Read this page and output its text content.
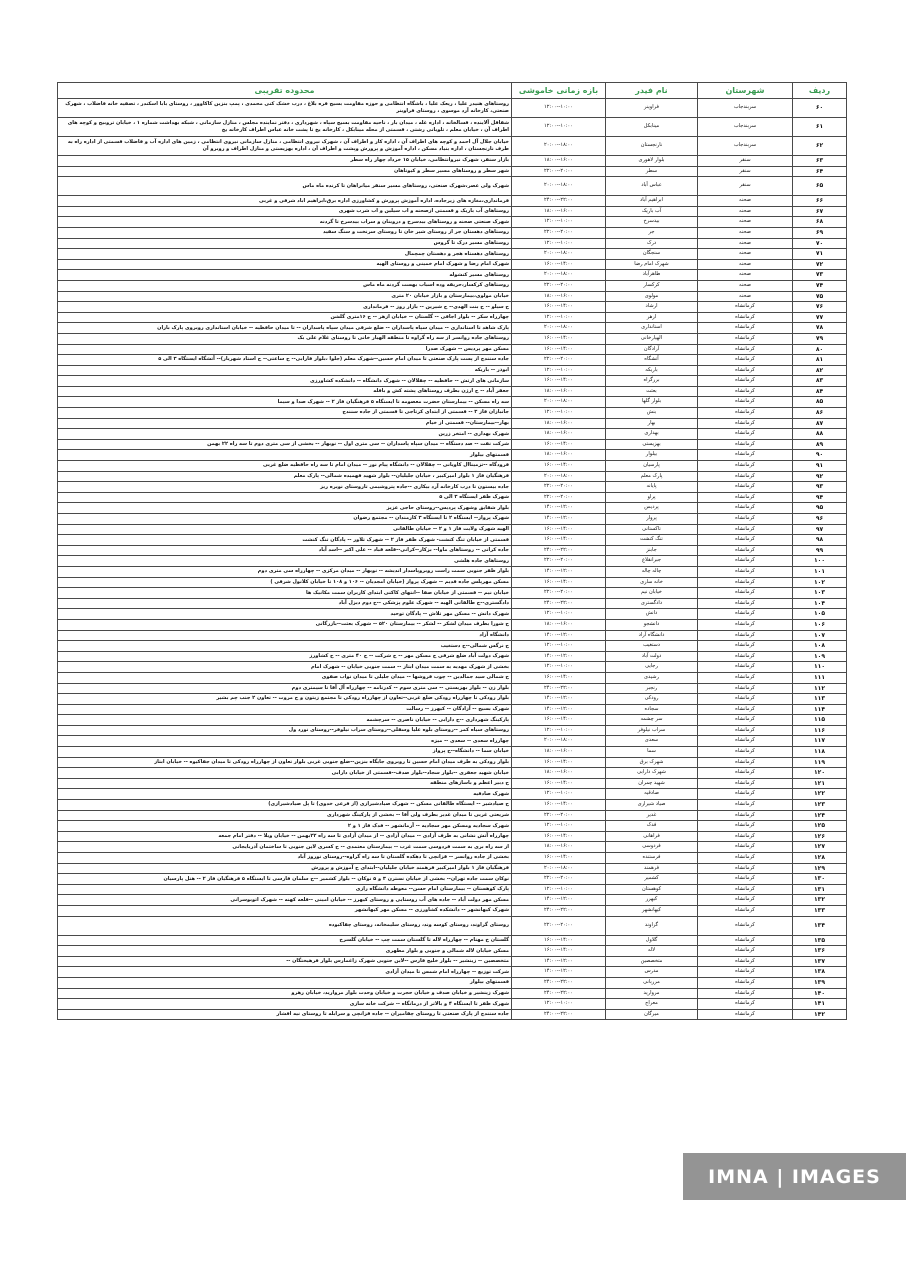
ردیف	شهرستان	نام فیدر	بازه زمانی خاموشی	محدوده تقریبی
۶۰	سربندجاب	فراوینر	۱۰:۰۰--۱۲:۰۰	روستاهای هنیدر علیا ، ریعک علیا ، باشگاه انتظامی و حوزه مقاومت بسیج فره بلاغ ، درب خشک کنی محمدی ، پمپ بنزین کاکاوور ، روستای بابا اسکندر ، تصفیه خانه فاضلاب ، شهرک صنعتی، کارخانه آرد موسوی ، روستای فراوینر
۶۱	سربندجاب	مینابکل	۱۰:۰۰--۱۲:۰۰	شقاقل آلاینده ، قسالخانه ، اداره غله ، میدان بار ، ناحیه مقاومت بسیج سپاه ، شهرداری ، دفتر نماینده مجلس ، منازل سازمانی ، شبکه بهداشت شماره ۱ ، خیابان تروبیح و کوچه های اطراف آن ، خیابان معلم ، تلویانی رشتی ، قسمتی از محله مینابکل ، کارخانه یخ تا پشت خانه عباس اطراف کارخانه یخ
۶۲	سربندجاب	نارنجستان	۱۸:۰۰--۲۰:۰۰	خیابان جلال آل احمد و کوچه های اطراف آن ، اداره کار و اطراف آن ، شهرک نیروی انتظامی ، منازل سازمانی نیروی انتظامی ، زمین های اداره آب و فاضلاب قسمتی از اداره راه به طرف نارنجستان ، اداره بنیاد مسکن ، اداره آموزش و پرورش وپشت و اطراف آن ، اداره بهزیستی و منازل اطراف و روبرو آن
۶۳	سنقر	بلوار لاهوری	۱۶:۰۰--۱۸:۰۰	بازار سنقر، شهرک نیروانتظامی، خیابان ۱۵ خرداد چهار راه سطر
۶۴	سنقر	سطر	۲۰:۰۰--۲۲:۰۰	شهر سطر و روستاهای مسیر سطر و کیوتاهان
۶۵	سنقر	عباس آباد	۱۸:۰۰--۲۰:۰۰	شهرک ولی عصر،شهرک صنعتی، روستاهای مسیر سنقر میانراهان تا کرنده ماه ماس
۶۶	صحنه	ابراهیم آباد	۲۲:۰۰--۲۴:۰۰	فرمانداری،مغازه های زیرجاده، اداره آموزش پرورش و کشاورزی اداره برق،ابراهیم اباد شرقی و غربی
۶۷	صحنه	آب باریک	۱۶:۰۰--۱۸:۰۰	روستاهای آب باریک و قسمتی ازصحنه و اب سیلین و اب شرب شهری
۶۸	صحنه	بیدسرخ	۱۰:۰۰--۱۲:۰۰	شهرک صنعتی صحنه و روستاهای بیدسرخ و دروینان و سراب بیدسرخ تا گردنه
۶۹	صحنه	جر	۲۰:۰۰--۲۲:۰۰	روستاهای دهستان جر از روستای شیر خان تا روستای سرنخت و سنگ سفید
۷۰	صحنه	درک	۱۰:۰۰--۱۲:۰۰	روستاهای مسیر درک تا گروس
۷۱	صحنه	سنجگان	۱۸:۰۰--۲۰:۰۰	روستاهای دهستاه هجر و دهستان چمچمال
۷۲	صحنه	شهرک امام رضا	۱۴:۰۰--۱۶:۰۰	شهرک امام رضا و شهرک امام خمینی و روستای الهیه
۷۳	صحنه	طاهرآباد	۱۸:۰۰--۲۰:۰۰	روستاهای مسیر کنشوله
۷۴	صحنه	کرکسار	۲۰:۰۰--۲۲:۰۰	روستاهای کرکسار،حریقه وده اسباب بهست گردنه ماه ماس
۷۵	صحنه	مولوی	۱۶:۰۰--۱۸:۰۰	خیابان مولوی،بیمارستان و بازار خیابان ۲۰ متری
۷۶	کرمانشاه	ارشاد	۱۴:۰۰--۱۶:۰۰	ح سیلو -- ح بنت الهدی-- ح شیرین -- بازار روز -- فرمانداری
۷۷	کرمانشاه	ازهر	۱۰:۰۰--۱۲:۰۰	چهارراه سکر -- بلوار اجاقی -- گلستان -- خیابان ازهر -- ح ۱۶متری گلشن
۷۸	کرمانشاه	استانداری	۱۸:۰۰--۲۰:۰۰	پارک شاهد تا استانداری -- میدان سپاه پاسداران -- ضلع شرقی میدان سپاه پاسداران -- تا میدان حافظیه -- خیابان استانداری روبروی پارک باران
۷۹	کرمانشاه	الهیارخانی	۱۴:۰۰--۱۶:۰۰	روستاهای جاده روانسر از سه راه گراوه تا منطقه الهیار خانی تا روستای غلام علی بک
۸۰	کرمانشاه	آزادگان	۱۴:۰۰--۱۶:۰۰	مسکن مهر پردیس -- شهرک صدرا
۸۱	کرمانشاه	آتشگاه	۲۰:۰۰--۲۲:۰۰	جاده سنندج از پست پارک صنعتی تا میدان امام حسین--شهرک معلم (جلوا ،بلوار فارابی-- ح ساعتی-- ح استاد شهریار)-- آتشگاه ایستگاه ۳ الی ۵
۸۲	کرمانشاه	باریکه	۱۰:۰۰--۱۲:۰۰	ابوذر -- باریکه
۸۳	کرمانشاه	برزگراه	۱۴:۰۰--۱۶:۰۰	سازمانی های ارتش -- حافظیه -- چقلالان -- شهرک دانشگاه -- دانشکده کشاورزی
۸۴	کرمانشاه	بعثت	۱۶:۰۰--۱۸:۰۰	جعفر آباد -- ح ارژن بطرف روستاهای پشته کش و بافله
۸۵	کرمانشاه	بلوار گلها	۱۸:۰۰--۲۰:۰۰	سه راه مسکن -- بیمارستان حضرت معصومه تا ایستگاه ۵ فرهنگیان فاز ۲ -- شهرک صدا و سیما
۸۶	کرمانشاه	بنش	۱۰:۰۰--۱۲:۰۰	جانبازان فاز ۳ -- قسمتی از ابتدای کرتاجی تا قسمتی از جاده سنندج
۸۷	کرمانشاه	بهار	۱۶:۰۰--۱۸:۰۰	بهار--بیمارستان-- قسمتی از خیام
۸۸	کرمانشاه	بهداری	۱۶:۰۰--۱۸:۰۰	شهرک بهداری -- امتخر زرین
۸۹	کرمانشاه	بهزیستی	۱۴:۰۰--۱۶:۰۰	شرکت نفت -- صد دستگاه -- میدان سپاه پاسداران -- سی متری اول -- نوبهار -- بخشی از سی متری دوم تا سه راه ۲۲ بهمن
۹۰	کرمانشاه	بیلوار	۱۶:۰۰--۱۸:۰۰	قسمتهای بیلوار
۹۱	کرمانشاه	پارسیان	۱۴:۰۰--۱۶:۰۰	فرودگاه --تزمیناال کاویانی -- چقلالان -- دانشگاه پیام نور -- میدان امام تا سه راه حافظیه ضلع غربی
۹۲	کرمانشاه	پارک معلم	۱۸:۰۰--۲۰:۰۰	فرهنگیان فاز ۱ بلوار امیرکبیر ، خیابان جلیلیان-- بلوار شهید فهمیده شمالی-- پارک معلم
۹۳	کرمانشاه	پایانه	۲۰:۰۰--۲۲:۰۰	جاده بیستون تا درب کارخانه آرد بیکاری --جاده پتروشیمی تاروستای نویره ریز
۹۴	کرمانشاه	پراو	۲۰:۰۰--۲۲:۰۰	شهرک ظفر ایستگاه ۳ الی ۵
۹۵	کرمانشاه	پردیس	۱۲:۰۰--۱۴:۰۰	بلوار شقایق وشهرک پردیس--روستای حاجی عزیز
۹۶	کرمانشاه	پرواز	۱۲:۰۰--۱۴:۰۰	شهرک پرواز-- ایستگاه ۲ تا ایستگاه ۳ کارمندان -- مجتمع رضوان
۹۷	کرمانشاه	تاکستانی	۱۴:۰۰--۱۶:۰۰	الهیه شهرک ولایت فاز ۱ و ۲ -- خیابان طالقانی
۹۸	کرمانشاه	تنگ کنشت	۱۴:۰۰--۱۶:۰۰	قسمتی از خیابان تنگ کنشت- شهرک ظفر فاز ۲ -- شهرک تلاور -- پادگان تنگ کنشت
۹۹	کرمانشاه	جابنز	۲۲:۰۰--۲۴:۰۰	جاده کرانی -- روستاهای ماوا-- بزکار--کرانی--قلعه قباد -- علی اکبر --اسد آباد
۱۰۰	کرمانشاه	جبرانقلاع	۲۰:۰۰--۲۲:۰۰	روستاهای جاده هلشی
۱۰۱	کرمانشاه	چاله چاله	۱۲:۰۰--۱۴:۰۰	بلوار ظفر جنوبی سمت راست روبروپاسدار اندیشه -- نوبهار -- میدان مرکزی -- چهارراه سی متری دوم
۱۰۲	کرمانشاه	خانه سازی	۱۴:۰۰--۱۶:۰۰	مسکن مهرپلس جاده قدیم -- شهرک پرواز (خیابان امجدیان -- ۱۰۶ و ۱۰۸ تا خیابان کلانول شرقی )
۱۰۳	کرمانشاه	خیابان نیم	۲۰:۰۰--۲۲:۰۰	خیابان نیم -- قسمتی از خیابان صفا --انتهای کاکنی ابتدای کاربران سمت مکانیک ها
۱۰۴	کرمانشاه	دادگستری	۲۲:۰۰--۲۴:۰۰	دادگستری--ح طالقانی الهیه -- شهرک علوم پزشکی --ح دوم دیزل آباد
۱۰۵	کرمانشاه	دانش	۱۰:۰۰--۱۲:۰۰	شهرک دانش -- مسکن مهر تلاش -- پادگان توحید
۱۰۶	کرمانشاه	دانشجو	۱۶:۰۰--۱۸:۰۰	ح شورا بطرف میدان لشکر -- لشکر -- بیمارستان ۵۲۰ -- شهرک بعثت--بازرگانی
۱۰۷	کرمانشاه	دانشگاه آزاد	۱۲:۰۰--۱۴:۰۰	دانشگاه آزاد
۱۰۸	کرمانشاه	دستغیب	۱۰:۰۰--۱۲:۰۰	ح نرگس شمالی--ح دستغیب
۱۰۹	کرمانشاه	دولت آباد	۱۲:۰۰--۱۴:۰۰	شهرک دولت آباد ضلع شرقی ح مسکن مهر -- ح شرکت -- ح ۴۰ متری -- ح کشاورز
۱۱۰	کرمانشاه	رجایی	۱۰:۰۰--۱۲:۰۰	بخشی از شهرک مهدیه به سمت میدان ابتاز -- سمت جنوبی خیابان -- شهرک امام
۱۱۱	کرمانشاه	رشیدی	۱۴:۰۰--۱۶:۰۰	ح شمالی سید جمالدین -- چوب فروشها -- میدان جلیلی تا میدان نواب صفوی
۱۱۲	کرمانشاه	رنجبر	۲۲:۰۰--۲۴:۰۰	بلوار زن -- بلوار بهزیستی -- سی متری سوم -- کدرنامه -- چهارراه آل آقا تا سیمتری دوم
۱۱۳	کرمانشاه	رودکی	۱۲:۰۰--۱۴:۰۰	بلوار رودکی تا چهارراه رودکی ضلع غربی--تعاون از چهارراه رودکی تا مجتمع زیتون و ح مروت -- تعاون ۲ جنب چم بشیر
۱۱۴	کرمانشاه	سجاده	۱۲:۰۰--۱۴:۰۰	شهرک بسیج -- آزادگان -- کیهرز -- رسالت
۱۱۵	کرمانشاه	سر چشمه	۱۴:۰۰--۱۶:۰۰	پارکینگ شهرداری --ح دارابی -- خیابان ناصری -- سرچشمه
۱۱۶	کرمانشاه	سراب نیلوفر	۱۰:۰۰--۱۲:۰۰	روستاهای سیاه کمر --روستای بلوه علیا وسفلی--روستای سراب نیلوفر--روستای نورد ول
۱۱۷	کرمانشاه	سعدی	۱۸:۰۰--۲۰:۰۰	چهارراه سعدی -- سعدی -- میزه
۱۱۸	کرمانشاه	سما	۱۶:۰۰--۱۸:۰۰	خیابان سما -- دانشگاه--ح پرواز
۱۱۹	کرمانشاه	شهرک برق	۱۴:۰۰--۱۶:۰۰	بلوار رودکی به طرف میدان امام حسین تا روبروی جایگاه بنزین--ضلع جنوبی غربی بلوار تعاون از چهارراه رودکی تا میدان جفاکیوه -- خیابان ابتاز
۱۲۰	کرمانشاه	شهرک دارابی	۱۶:۰۰--۱۸:۰۰	خیابان شهید جعفری --بلوار سجاد--بلوار صدف--قسمتی از خیابان دارابی
۱۲۱	کرمانشاه	شهید چمران	۱۴:۰۰--۱۶:۰۰	ح دبیر اعظم و باسازهای منطقه
۱۲۲	کرمانشاه	صادقیه	۱۰:۰۰--۱۲:۰۰	شهرک صادقیه
۱۲۳	کرمانشاه	صیاد شیرازی	۱۴:۰۰--۱۶:۰۰	ح صیادشیر -- ایستگاه طالقانی مسکن -- شهرک صیادشیرازی (از فرعی خدوی) تا پل صیادشیرازی)
۱۲۴	کرمانشاه	غدیر	۲۰:۰۰--۲۲:۰۰	شریعتی غربی تا میدان غدیر بطرف ولی آقا -- بخشی از پارکینگ شهرداری
۱۲۵	کرمانشاه	فدک	۱۰:۰۰--۱۲:۰۰	شهرک سجادیه ومسکن مهر سجادیه -- آرمانشهر -- فدک فاز ۱ و ۲
۱۲۶	کرمانشاه	فراهانی	۱۴:۰۰--۱۶:۰۰	چهارراه آتش نشانی به طرف آزادی -- میدان آزادی -- از میدان آزادی تا سه راه ۲۲بهمن -- خیابان ویلا -- دفتر امام جمعه
۱۲۷	کرمانشاه	فردوسی	۱۶:۰۰--۱۸:۰۰	از سه راه بری به سمت فردوسی سمت غرب -- بیمارستان معتمدی -- ح کسری لاین جنوبی تا ساختمان آذربایجانی
۱۲۸	کرمانشاه	فرستنده	۱۴:۰۰--۱۶:۰۰	بخشی از جاده روانسر -- قزانچی تا دهکده گلستان تا سه راه گراوه--روستای نوروز آباد
۱۲۹	کرمانشاه	فرهمند	۱۸:۰۰--۲۰:۰۰	فرهنگیان فاز ۱ بلوار امیرکبیر فرهمند خیابان جلیلیان--ابتدای ح آموزش و پرورش
۱۳۰	کرمانشاه	کشمیر	۲۰:۰۰--۲۲:۰۰	نوکان سمت جاده تهران-- بخشی از خیابان نسترن ۳ و ۵ نوکان -- بلوار کشمیر --ح سلمان فارسی تا ایستگاه ۵ فرهنگیان فاز ۲ -- هتل پارسیان
۱۳۱	کرمانشاه	کوهستان	۱۰:۰۰--۱۲:۰۰	پارک کوهستان -- بیمارستان امام حسن-- معوطه دانشگاه رازی
۱۳۲	کرمانشاه	کیهرز	۱۲:۰۰--۱۴:۰۰	مسکن مهر دولت آباد -- جاده های آب روستایی و روستای کیهرز -- خیابان امینی --قلعه کهنه -- شهرک اتوبوسرانی
۱۳۳	کرمانشاه	کیهانشهر	۲۲:۰۰--۲۴:۰۰	شهرک کیهانشهر -- دانشکده کشاورزی -- مسکن مهر کیهانشهر
۱۳۴	کرمانشاه	گراوند	۲۰:۰۰--۲۲:۰۰	روستای گراوند، روستای کوسه وند، روستای سلیمخانه، روستای چقاکبوده
۱۳۵	کرمانشاه	گلاول	۱۴:۰۰--۱۶:۰۰	گلستان خ مهنام -- چهارراه لاله تا گلستان سمت چپ -- خیابان گلسرخ
۱۳۶	کرمانشاه	لاله	۱۴:۰۰--۱۶:۰۰	مسکن خیابان لاله شمالی و جنوبی و بلوار مطهری
۱۳۷	کرمانشاه	متخصصین	۱۲:۰۰--۱۴:۰۰	متخصصین -- زینشیر -- بلوار خلیج فارس --لاین جنوبی شهرک زاغمارس بلوار فرهیختگان --
۱۳۸	کرمانشاه	مدرس	۱۲:۰۰--۱۴:۰۰	شرکت توزیع -- چهارراه امام شمس تا میدان آزادی
۱۳۹	کرمانشاه	مرزبانی	۲۲:۰۰--۲۴:۰۰	قسمتهای بیلوار
۱۴۰	کرمانشاه	مروارید	۲۲:۰۰--۲۴:۰۰	شهرک زینشیر و خیابان صدف و خیابان حجرت و خیابان وحدت بلوار مروارید، خیابان رهرو
۱۴۱	کرمانشاه	معراج	۱۰:۰۰--۱۲:۰۰	شهرک ظفر تا ایستگاه ۴ و بالاتر از درمانگاه -- شرکت خانه سازی
۱۴۲	کرمانشاه	میرگان	۲۲:۰۰--۲۴:۰۰	جاده سنندج از پارک صنعتی تا روستای چقامیران -- جاده قزانچی و سرابله تا روستای نیه افشار
IMNA | IMAGES
